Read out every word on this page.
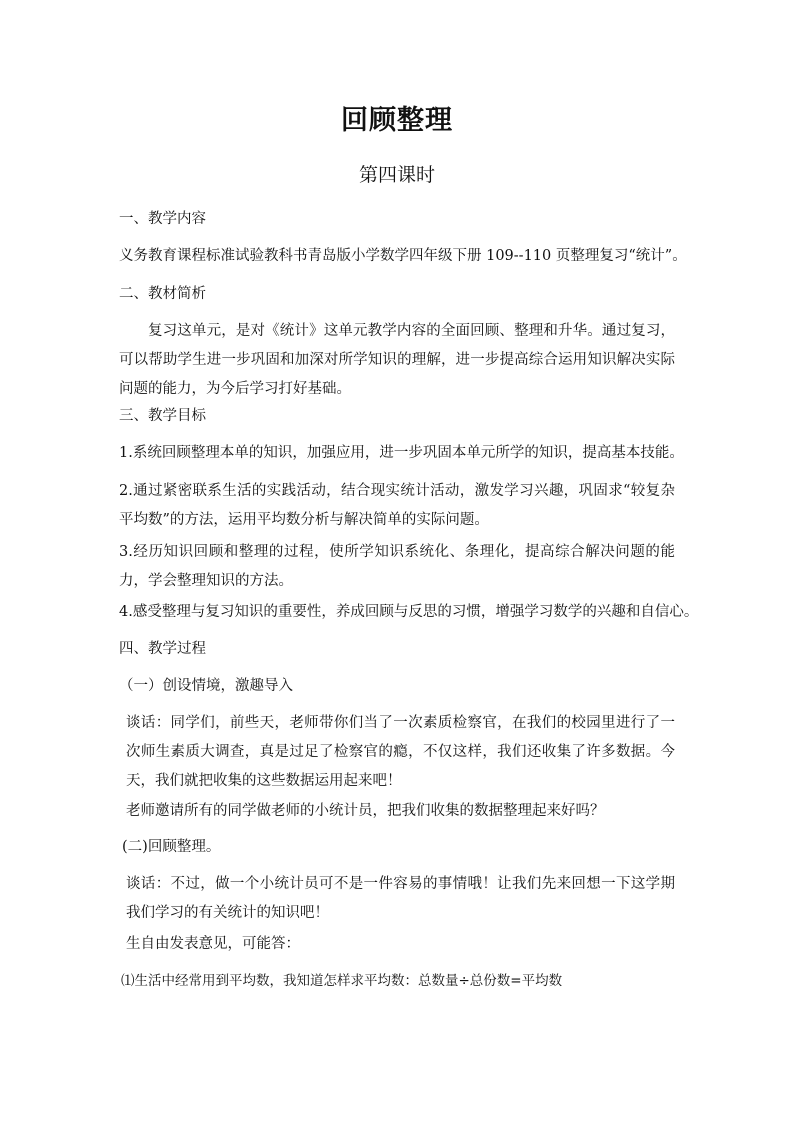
回顾整理
第四课时
一、教学内容
义务教育课程标准试验教科书青岛版小学数学四年级下册 109--110 页整理复习“统计”。
二、教材简析
复习这单元，是对《统计》这单元教学内容的全面回顾、整理和升华。通过复习，可以帮助学生进一步巩固和加深对所学知识的理解，进一步提高综合运用知识解决实际问题的能力，为今后学习打好基础。
三、教学目标
1.系统回顾整理本单的知识，加强应用，进一步巩固本单元所学的知识，提高基本技能。
2.通过紧密联系生活的实践活动，结合现实统计活动，激发学习兴趣，巩固求“较复杂平均数”的方法，运用平均数分析与解决简单的实际问题。
3.经历知识回顾和整理的过程，使所学知识系统化、条理化，提高综合解决问题的能力，学会整理知识的方法。
4.感受整理与复习知识的重要性，养成回顾与反思的习惯，增强学习数学的兴趣和自信心。
四、教学过程
（一）创设情境，激趣导入
谈话：同学们，前些天，老师带你们当了一次素质检察官，在我们的校园里进行了一次师生素质大调查，真是过足了检察官的瘾，不仅这样，我们还收集了许多数据。今天，我们就把收集的这些数据运用起来吧！
老师邀请所有的同学做老师的小统计员，把我们收集的数据整理起来好吗？
(二)回顾整理。
谈话：不过，做一个小统计员可不是一件容易的事情哦！让我们先来回想一下这学期我们学习的有关统计的知识吧！
生自由发表意见，可能答：
⑴生活中经常用到平均数，我知道怎样求平均数：总数量÷总份数=平均数
